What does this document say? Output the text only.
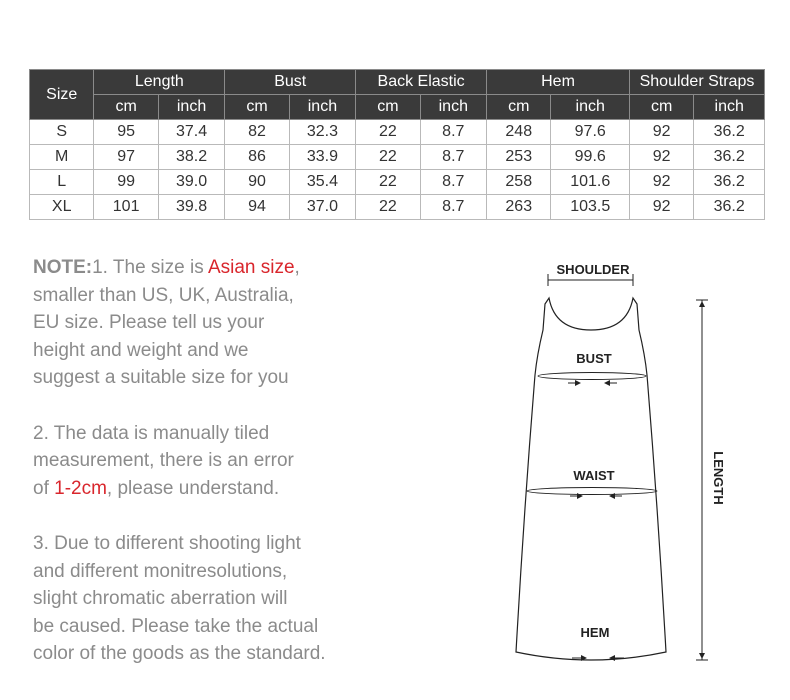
Size	Length		Bust		Back Elastic		Hem		Shoulder Straps	
	cm	inch	cm	inch	cm	inch	cm	inch	cm	inch
S	95	37.4	82	32.3	22	8.7	248	97.6	92	36.2
M	97	38.2	86	33.9	22	8.7	253	99.6	92	36.2
L	99	39.0	90	35.4	22	8.7	258	101.6	92	36.2
XL	101	39.8	94	37.0	22	8.7	263	103.5	92	36.2

NOTE:1. The size is Asian size,
smaller than US, UK, Australia,
EU size. Please tell us your
height and weight and we
suggest a suitable size for you

2. The data is manually tiled
measurement, there is an error
of 1-2cm, please understand.

3. Due to different shooting light
and different monitresolutions,
slight chromatic aberration will
be caused. Please take the actual
color of the goods as the standard.

SHOULDER
BUST
WAIST
HEM
LENGTH
